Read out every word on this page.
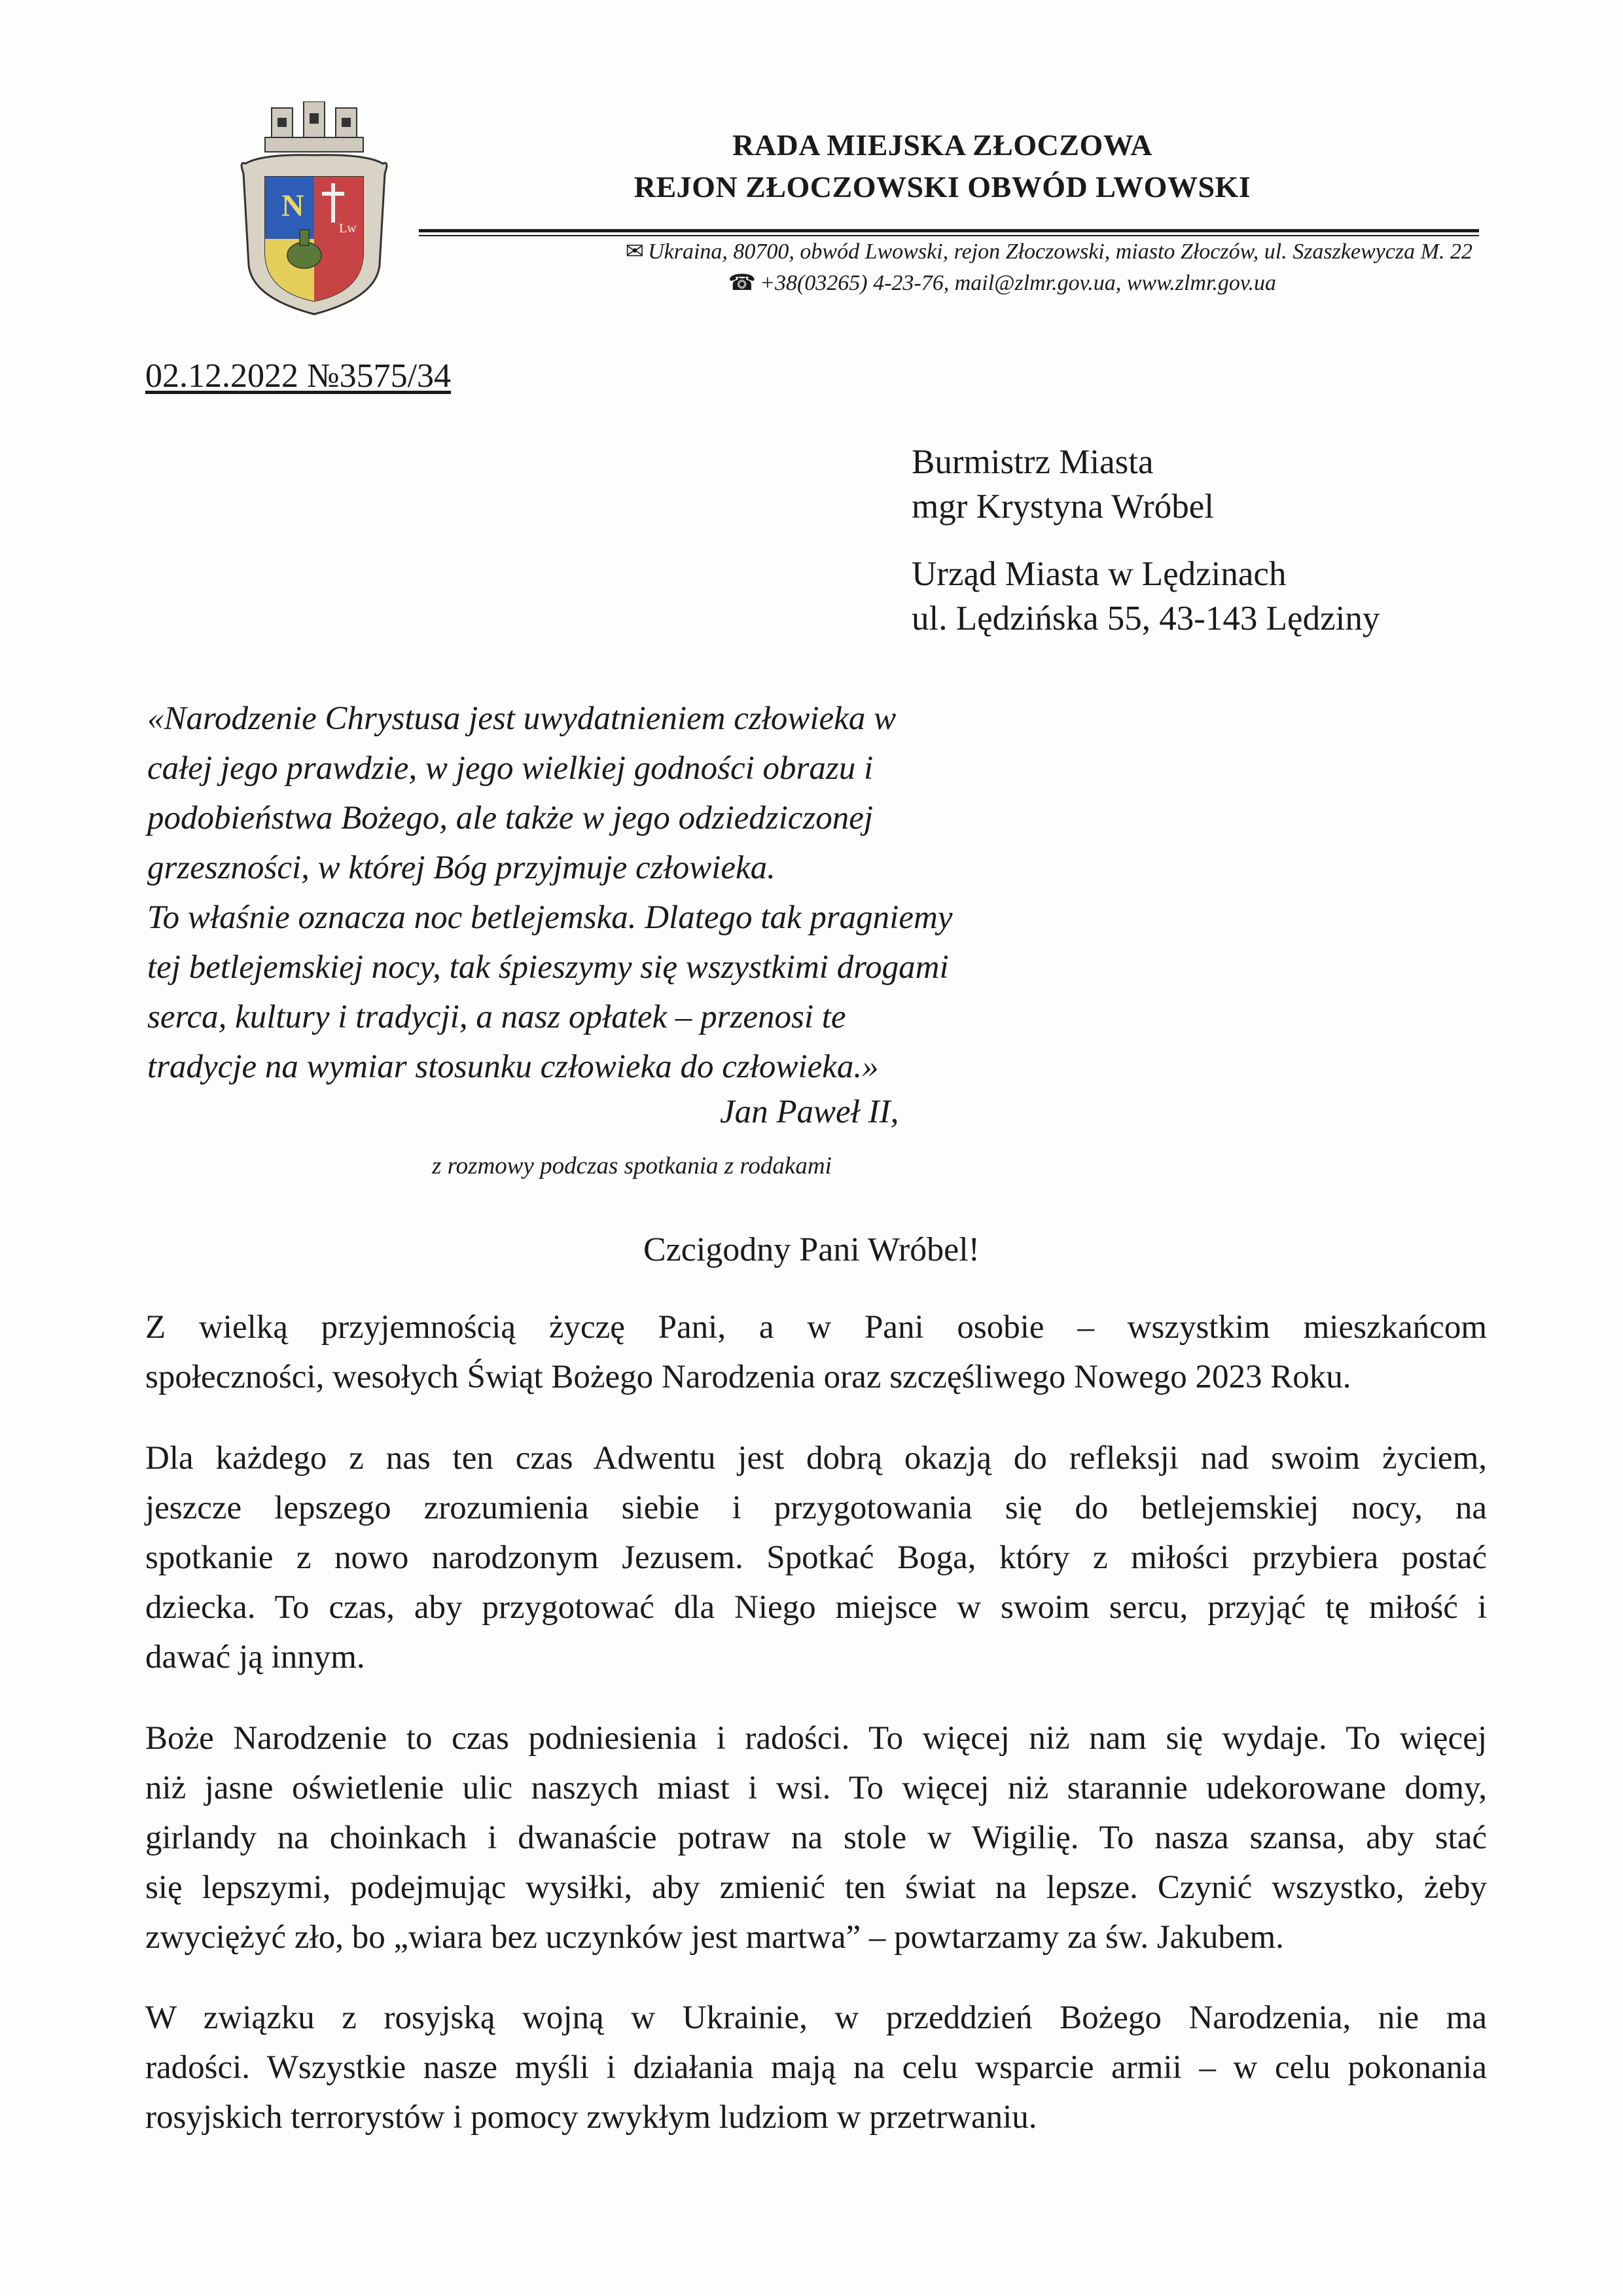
N
Lw
RADA MIEJSKA ZŁOCZOWA
REJON ZŁOCZOWSKI OBWÓD LWOWSKI
✉ Ukraina, 80700, obwód Lwowski, rejon Złoczowski, miasto Złoczów, ul. Szaszkewycza M. 22
☎ +38(03265) 4-23-76, mail@zlmr.gov.ua, www.zlmr.gov.ua
02.12.2022 №3575/34
Burmistrz Miasta
mgr Krystyna Wróbel
Urząd Miasta w Lędzinach
ul. Lędzińska 55, 43-143 Lędziny
«Narodzenie Chrystusa jest uwydatnieniem człowieka w
całej jego prawdzie, w jego wielkiej godności obrazu i
podobieństwa Bożego, ale także w jego odziedziczonej
grzeszności, w której Bóg przyjmuje człowieka.
To właśnie oznacza noc betlejemska. Dlatego tak pragniemy
tej betlejemskiej nocy, tak śpieszymy się wszystkimi drogami
serca, kultury i tradycji, a nasz opłatek – przenosi te
tradycje na wymiar stosunku człowieka do człowieka.»
Jan Paweł II,
z rozmowy podczas spotkania z rodakami
Czcigodny Pani Wróbel!
Z wielką przyjemnością życzę Pani, a w Pani osobie – wszystkim mieszkańcom
społeczności, wesołych Świąt Bożego Narodzenia oraz szczęśliwego Nowego 2023 Roku.
Dla każdego z nas ten czas Adwentu jest dobrą okazją do refleksji nad swoim życiem,
jeszcze lepszego zrozumienia siebie i przygotowania się do betlejemskiej nocy, na
spotkanie z nowo narodzonym Jezusem. Spotkać Boga, który z miłości przybiera postać
dziecka. To czas, aby przygotować dla Niego miejsce w swoim sercu, przyjąć tę miłość i
dawać ją innym.
Boże Narodzenie to czas podniesienia i radości. To więcej niż nam się wydaje. To więcej
niż jasne oświetlenie ulic naszych miast i wsi. To więcej niż starannie udekorowane domy,
girlandy na choinkach i dwanaście potraw na stole w Wigilię. To nasza szansa, aby stać
się lepszymi, podejmując wysiłki, aby zmienić ten świat na lepsze. Czynić wszystko, żeby
zwyciężyć zło, bo „wiara bez uczynków jest martwa” – powtarzamy za św. Jakubem.
W związku z rosyjską wojną w Ukrainie, w przeddzień Bożego Narodzenia, nie ma
radości. Wszystkie nasze myśli i działania mają na celu wsparcie armii – w celu pokonania
rosyjskich terrorystów i pomocy zwykłym ludziom w przetrwaniu.
